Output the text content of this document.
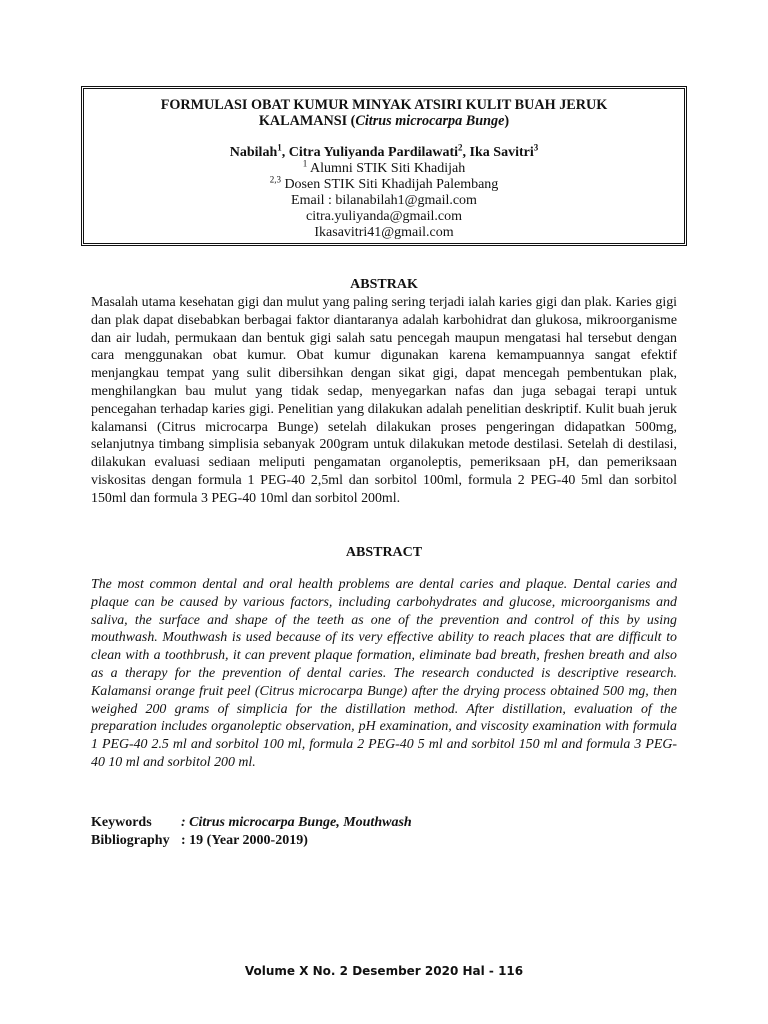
FORMULASI OBAT KUMUR MINYAK ATSIRI KULIT BUAH JERUK
KALAMANSI (Citrus microcarpa Bunge)
Nabilah$^1$, Citra Yuliyanda Pardilawati$^2$, Ika Savitri$^3$
$^1$ Alumni STIK Siti Khadijah
$^{2,3}$ Dosen STIK Siti Khadijah Palembang
Email : bilanabilah1@gmail.com
citra.yuliyanda@gmail.com
Ikasavitri41@gmail.com
ABSTRAK
Masalah utama kesehatan gigi dan mulut yang paling sering terjadi ialah karies gigi dan plak. Karies gigi dan plak dapat disebabkan berbagai faktor diantaranya adalah karbohidrat dan glukosa, mikroorganisme dan air ludah, permukaan dan bentuk gigi salah satu pencegah maupun mengatasi hal tersebut dengan cara menggunakan obat kumur. Obat kumur digunakan karena kemampuannya sangat efektif menjangkau tempat yang sulit dibersihkan dengan sikat gigi, dapat mencegah pembentukan plak, menghilangkan bau mulut yang tidak sedap, menyegarkan nafas dan juga sebagai terapi untuk pencegahan terhadap karies gigi. Penelitian yang dilakukan adalah penelitian deskriptif. Kulit buah jeruk kalamansi (Citrus microcarpa Bunge) setelah dilakukan proses pengeringan didapatkan 500mg, selanjutnya timbang simplisia sebanyak 200gram untuk dilakukan metode destilasi. Setelah di destilasi, dilakukan evaluasi sediaan meliputi pengamatan organoleptis, pemeriksaan pH, dan pemeriksaan viskositas dengan formula 1 PEG-40 2,5ml dan sorbitol 100ml, formula 2 PEG-40 5ml dan sorbitol 150ml dan formula 3 PEG-40 10ml dan sorbitol 200ml.
ABSTRACT
The most common dental and oral health problems are dental caries and plaque. Dental caries and plaque can be caused by various factors, including carbohydrates and glucose, microorganisms and saliva, the surface and shape of the teeth as one of the prevention and control of this by using mouthwash. Mouthwash is used because of its very effective ability to reach places that are difficult to clean with a toothbrush, it can prevent plaque formation, eliminate bad breath, freshen breath and also as a therapy for the prevention of dental caries. The research conducted is descriptive research. Kalamansi orange fruit peel (Citrus microcarpa Bunge) after the drying process obtained 500 mg, then weighed 200 grams of simplicia for the distillation method. After distillation, evaluation of the preparation includes organoleptic observation, pH examination, and viscosity examination with formula 1 PEG-40 2.5 ml and sorbitol 100 ml, formula 2 PEG-40 5 ml and sorbitol 150 ml and formula 3 PEG-40 10 ml and sorbitol 200 ml.
Keywords : Citrus microcarpa Bunge, Mouthwash
Bibliography : 19 (Year 2000-2019)
Volume X No. 2 Desember 2020 Hal - 116
